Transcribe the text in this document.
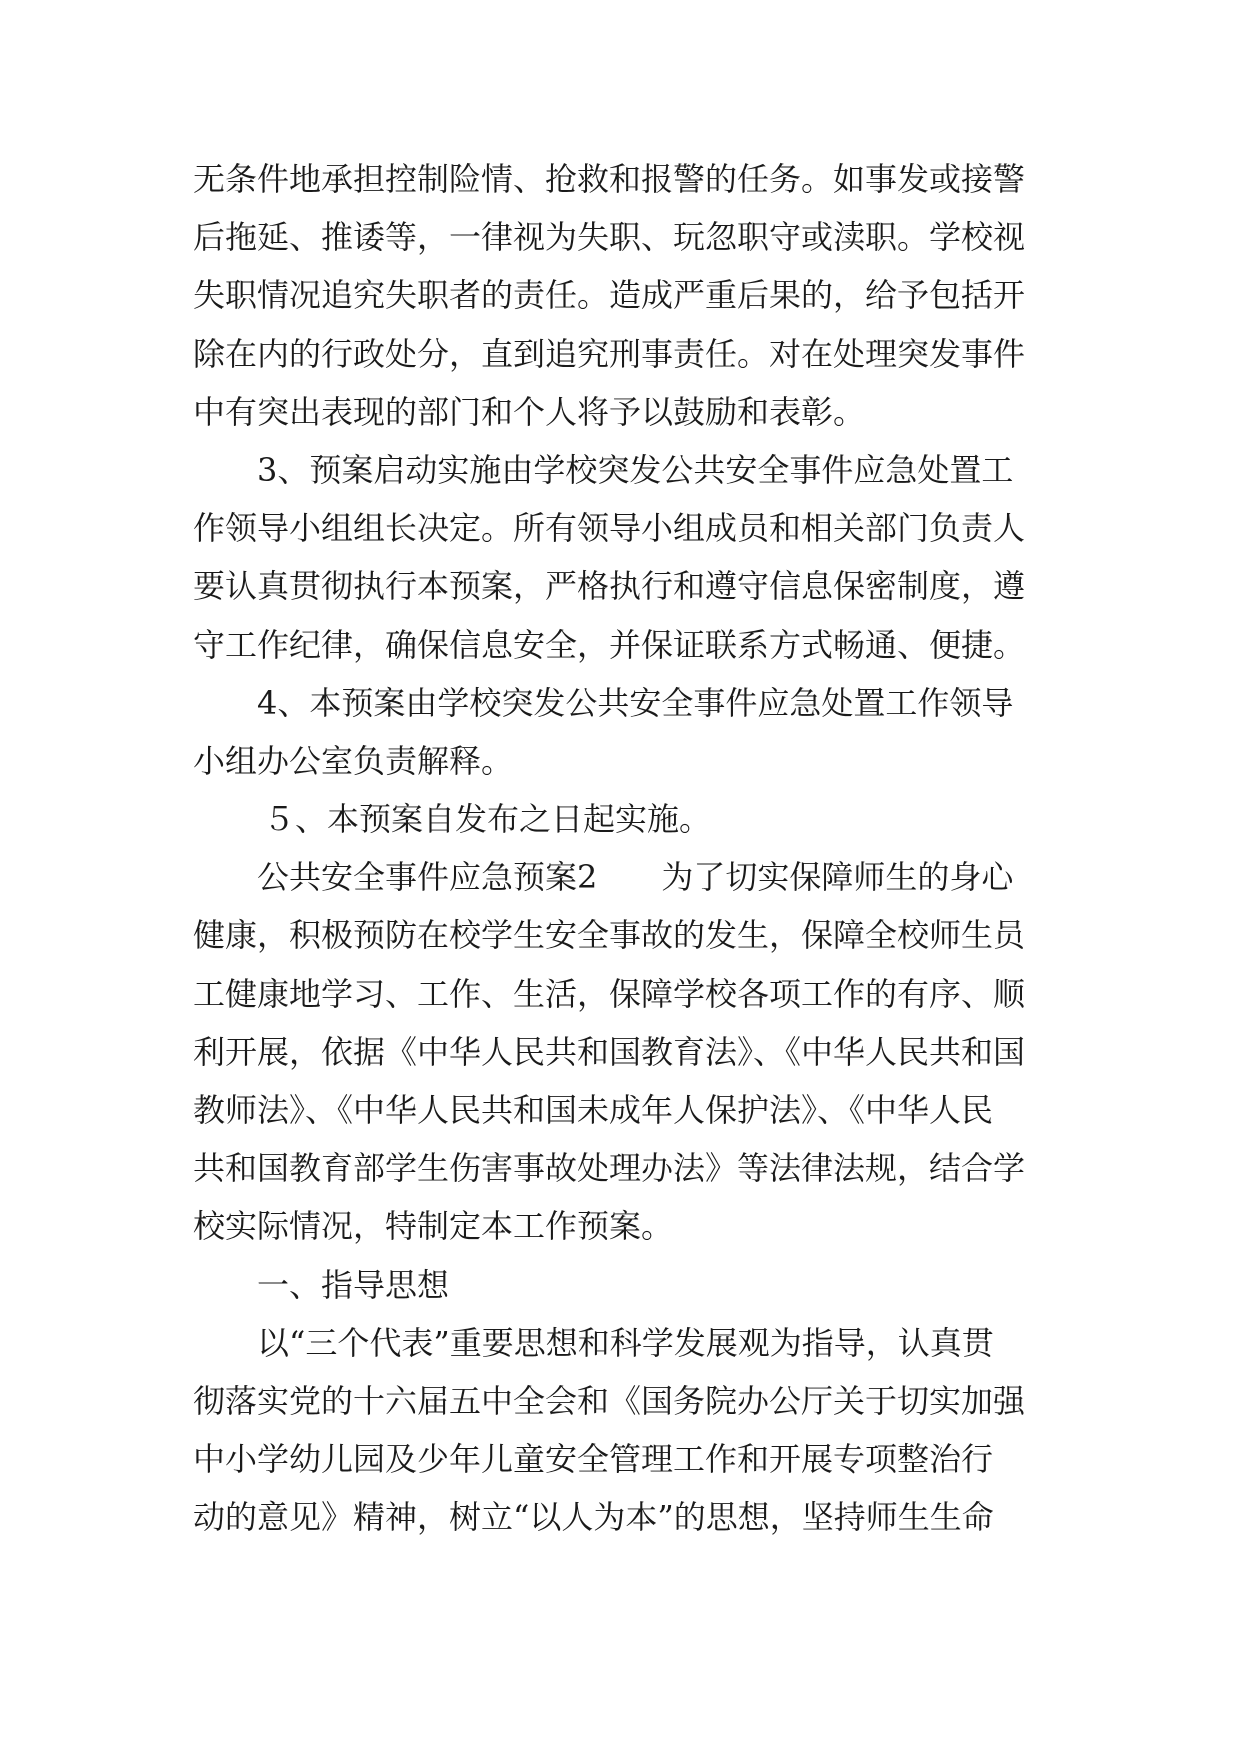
无条件地承担控制险情、抢救和报警的任务。如事发或接警

后拖延、推诿等，一律视为失职、玩忽职守或渎职。学校视

失职情况追究失职者的责任。造成严重后果的，给予包括开

除在内的行政处分，直到追究刑事责任。对在处理突发事件

中有突出表现的部门和个人将予以鼓励和表彰。

3、预案启动实施由学校突发公共安全事件应急处置工

作领导小组组长决定。所有领导小组成员和相关部门负责人

要认真贯彻执行本预案，严格执行和遵守信息保密制度，遵

守工作纪律，确保信息安全，并保证联系方式畅通、便捷。

4、本预案由学校突发公共安全事件应急处置工作领导

小组办公室负责解释。

５、本预案自发布之日起实施。

公共安全事件应急预案2　　为了切实保障师生的身心

健康，积极预防在校学生安全事故的发生，保障全校师生员

工健康地学习、工作、生活，保障学校各项工作的有序、顺

利开展，依据《中华人民共和国教育法》、《中华人民共和国

教师法》、《中华人民共和国未成年人保护法》、《中华人民

共和国教育部学生伤害事故处理办法》等法律法规，结合学

校实际情况，特制定本工作预案。

一、指导思想

以“三个代表”重要思想和科学发展观为指导，认真贯

彻落实党的十六届五中全会和《国务院办公厅关于切实加强

中小学幼儿园及少年儿童安全管理工作和开展专项整治行

动的意见》精神，树立“以人为本”的思想，坚持师生生命
